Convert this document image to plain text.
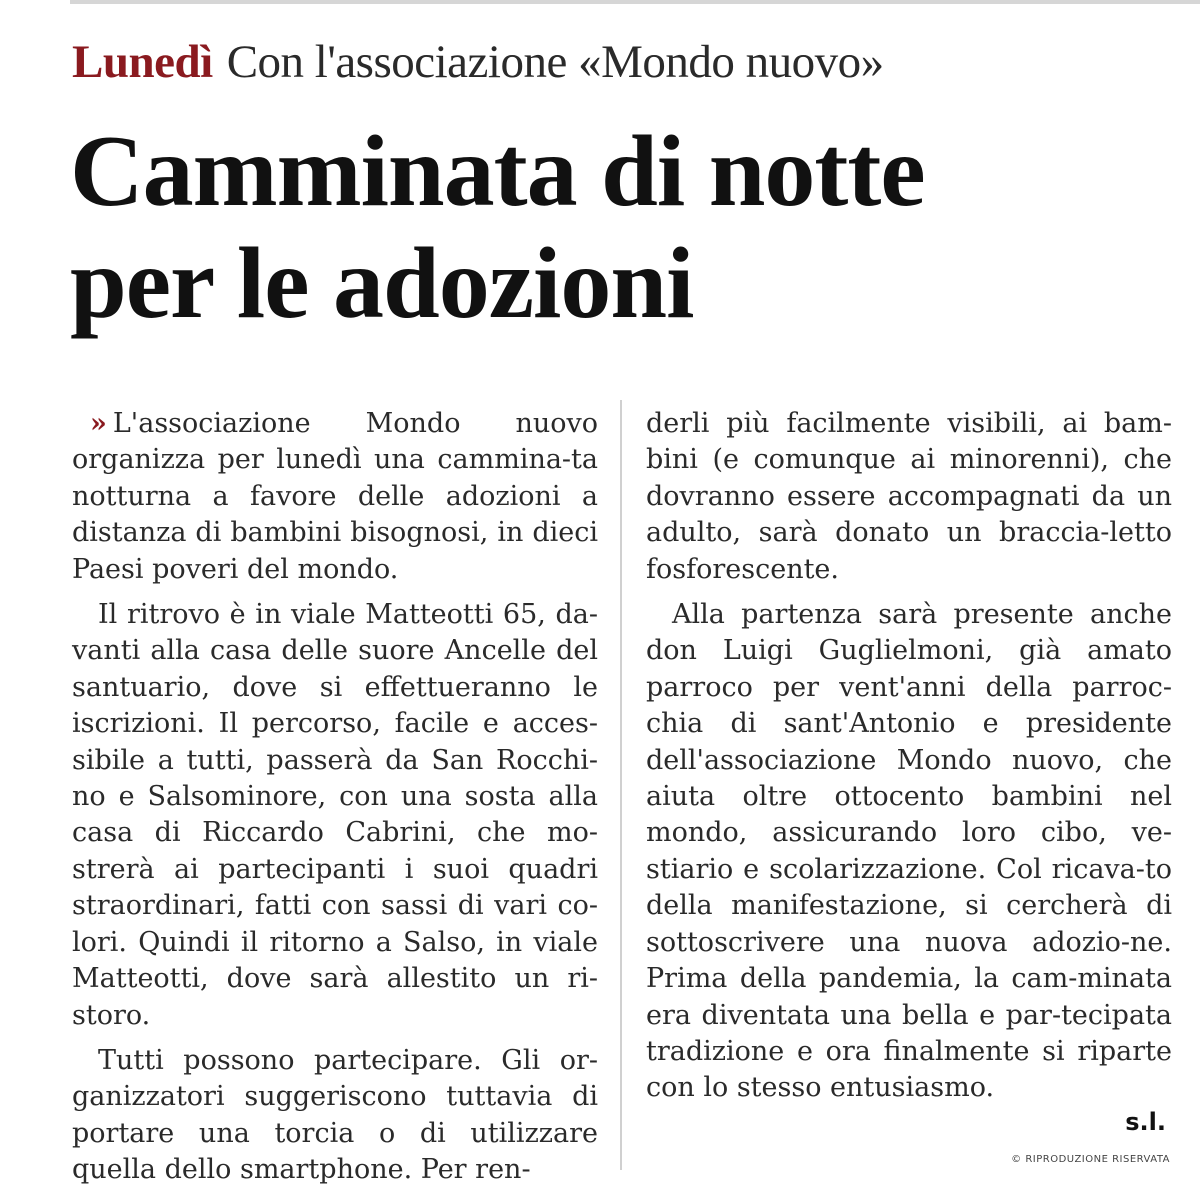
Lunedì Con l'associazione «Mondo nuovo»
Camminata di notte
per le adozioni

» L'associazione Mondo nuovo organizza per lunedì una cammina-ta notturna a favore delle adozioni a distanza di bambini bisognosi, in dieci Paesi poveri del mondo.

Il ritrovo è in viale Matteotti 65, da-vanti alla casa delle suore Ancelle del santuario, dove si effettueranno le iscrizioni. Il percorso, facile e acces-sibile a tutti, passerà da San Rocchi-no e Salsominore, con una sosta alla casa di Riccardo Cabrini, che mo-strerà ai partecipanti i suoi quadri straordinari, fatti con sassi di vari co-lori. Quindi il ritorno a Salso, in viale Matteotti, dove sarà allestito un ri-storo.

Tutti possono partecipare. Gli or-ganizzatori suggeriscono tuttavia di portare una torcia o di utilizzare quella dello smartphone. Per ren-

derli più facilmente visibili, ai bam-bini (e comunque ai minorenni), che dovranno essere accompagnati da un adulto, sarà donato un braccia-letto fosforescente.

Alla partenza sarà presente anche don Luigi Guglielmoni, già amato parroco per vent'anni della parroc-chia di sant'Antonio e presidente dell'associazione Mondo nuovo, che aiuta oltre ottocento bambini nel mondo, assicurando loro cibo, ve-stiario e scolarizzazione. Col ricava-to della manifestazione, si cercherà di sottoscrivere una nuova adozio-ne. Prima della pandemia, la cam-minata era diventata una bella e par-tecipata tradizione e ora finalmente si riparte con lo stesso entusiasmo.

s.l.
© RIPRODUZIONE RISERVATA
